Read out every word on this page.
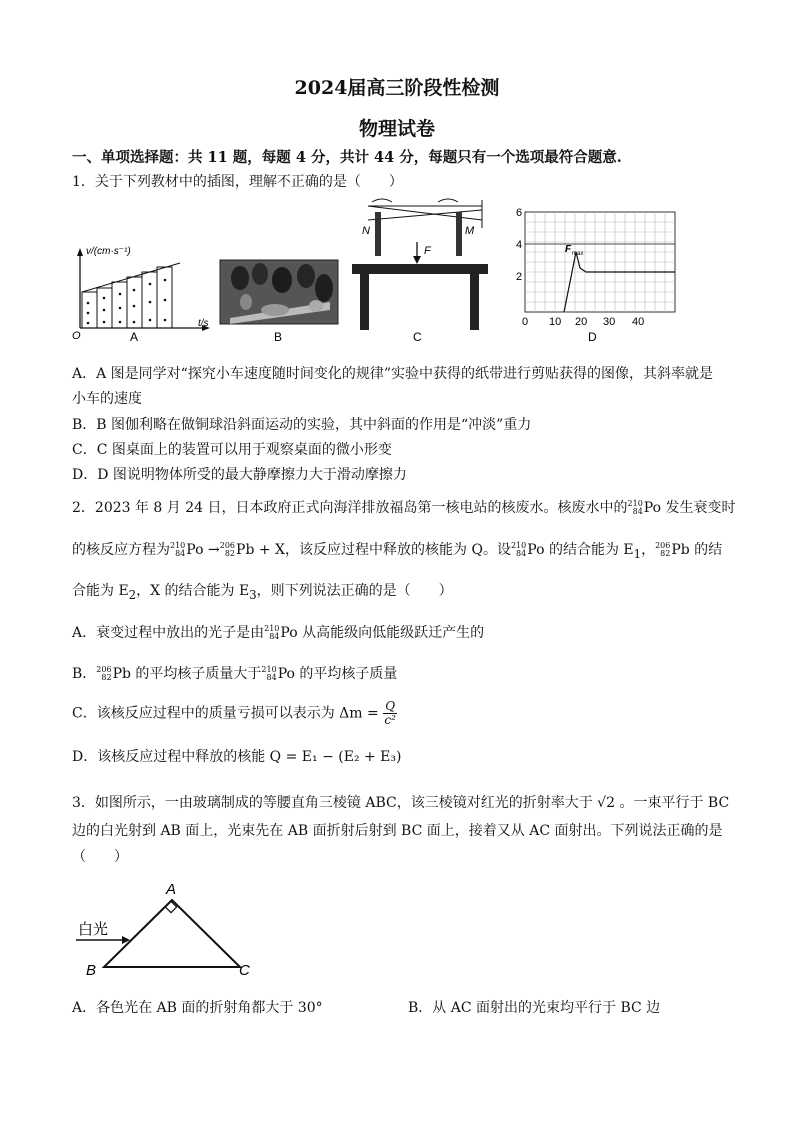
2024届高三阶段性检测
物理试卷
一、单项选择题：共 11 题，每题 4 分，共计 44 分，每题只有一个选项最符合题意.
1．关于下列教材中的插图，理解不正确的是（　　）
v/(cm·s⁻¹)
t/s
O	A	B
N	M
F
C
F max
6
4
2
0 10 20 30 40
D
A．A 图是同学对“探究小车速度随时间变化的规律”实验中获得的纸带进行剪贴获得的图像，其斜率就是
小车的速度
B．B 图伽利略在做铜球沿斜面运动的实验，其中斜面的作用是“冲淡”重力
C．C 图桌面上的装置可以用于观察桌面的微小形变
D．D 图说明物体所受的最大静摩擦力大于滑动摩擦力
2．2023 年 8 月 24 日，日本政府正式向海洋排放福岛第一核电站的核废水。核废水中的210
84Po 发生衰变时
的核反应方程为210
84Po →206
82Pb + X，该反应过程中释放的核能为 Q。设210
84Po 的结合能为 $E_1$，206
82Pb 的结
合能为 $E_2$，X 的结合能为 $E_3$，则下列说法正确的是（　　）
A．衰变过程中放出的光子是由210
84Po 从高能级向低能级跃迁产生的
B．206
82Pb 的平均核子质量大于210
84Po 的平均核子质量
C．该核反应过程中的质量亏损可以表示为 $\Delta m = \frac{Q}{\text{c²}}$
D．该核反应过程中释放的核能 Q = E₁ − (E₂ + E₃)
3．如图所示，一由玻璃制成的等腰直角三棱镜 ABC，该三棱镜对红光的折射率大于 √2 。一束平行于 BC
边的白光射到 AB 面上，光束先在 AB 面折射后射到 BC 面上，接着又从 AC 面射出。下列说法正确的是
（　　）
白光
A
B	C
A．各色光在 AB 面的折射角都大于 30°	B．从 AC 面射出的光束均平行于 BC 边
